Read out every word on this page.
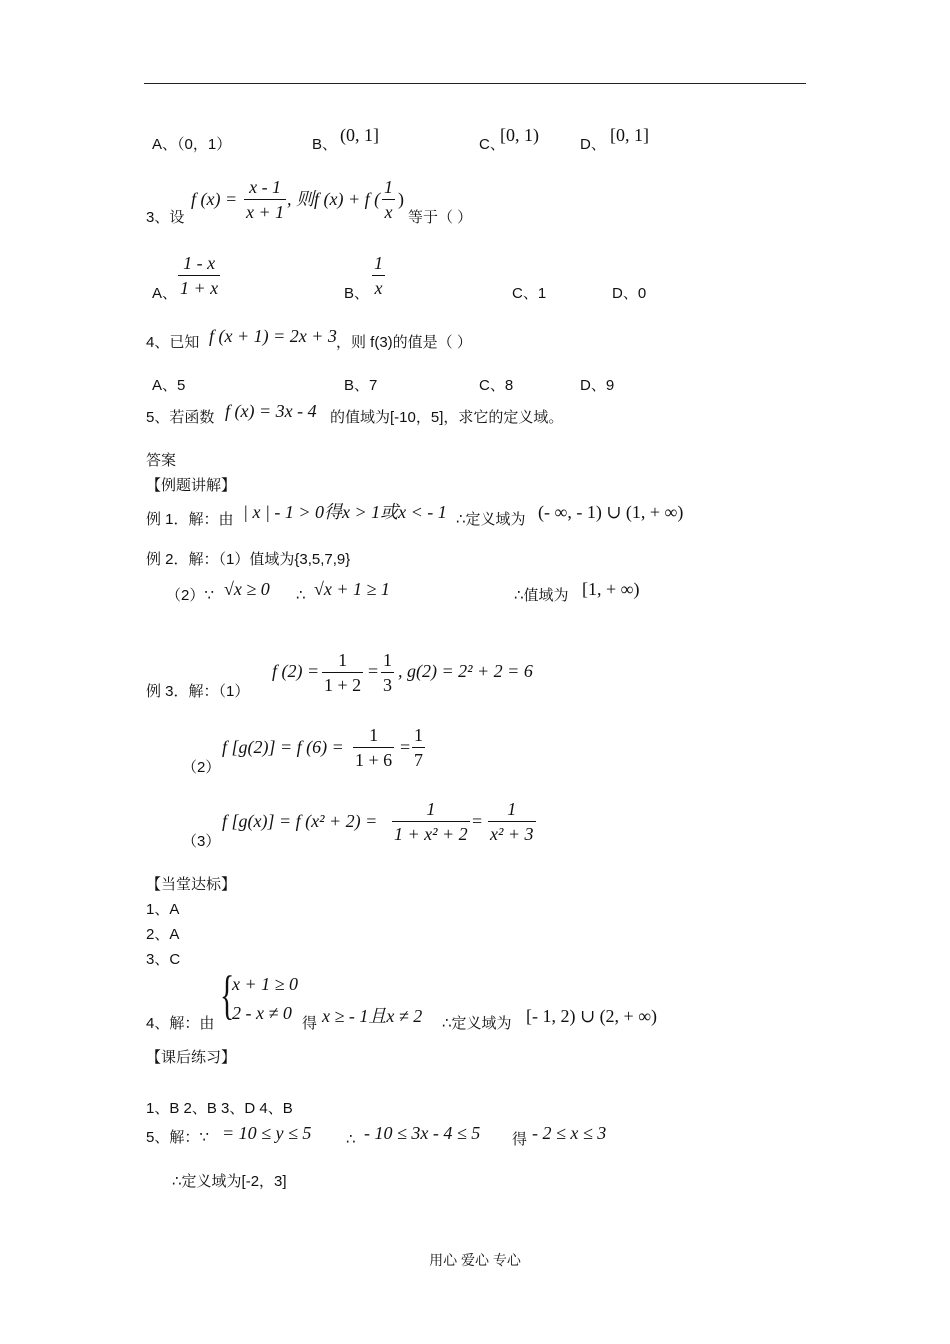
A、（0，1）	B、 (0, 1]	C、
[0, 1)	D、 [0, 1]
3、设
f $(x) = \frac{x - 1}{x + 1}$ , 则f (x) + f ( $\frac{1}{x}$ )
等于（ ）
A、 $\frac{1 - x}{1 + x}$	B、 $\frac{1}{x}$	C、1	D、0
4、已知 f (x + 1) = 2x + 3 ，则 f(3)的值是（ ）
A、5	B、7	C、8	D、9
5、若函数 f (x) = 3x - 4 的值域为[-10，5]，求它的定义域。
答案
【例题讲解】
例 1．解：由 | x | - 1 > 0得x > 1或x < - 1 ∴定义域为 (- ∞, - 1) ∪ (1, + ∞)
例 2．解：（1）值域为{3,5,7,9}
（2）∵ √x ≥ 0 ∴ √x + 1 ≥ 1	∴值域为 [1, + ∞)
例 3．解：（1）
f $(2) = \frac{1}{1 + 2} = \frac{1}{3}$ , g(2) = 2² + 2 = 6
（2）
f [g(2)] = f $(6) = \frac{1}{1 + 6} = \frac{1}{7}$
（3）
f [g(x)] = f $(x^2 + 2) = \frac{1}{\text{1 + x² + 2}} = \frac{1}{\text{x² + 3}}$
【当堂达标】
1、A
2、A
3、C
4、解：由 {
x + 1 ≥ 0
2 - x ≠ 0
得 x ≥ - 1且x ≠ 2 ∴定义域为 [- 1, 2) ∪ (2, + ∞)
【课后练习】
1、B 2、B 3、D 4、B
5、解：∵ = 10 ≤ y ≤ 5 ∴ - 10 ≤ 3x - 4 ≤ 5 得 - 2 ≤ x ≤ 3
∴定义域为[-2，3]
用心 爱心 专心
